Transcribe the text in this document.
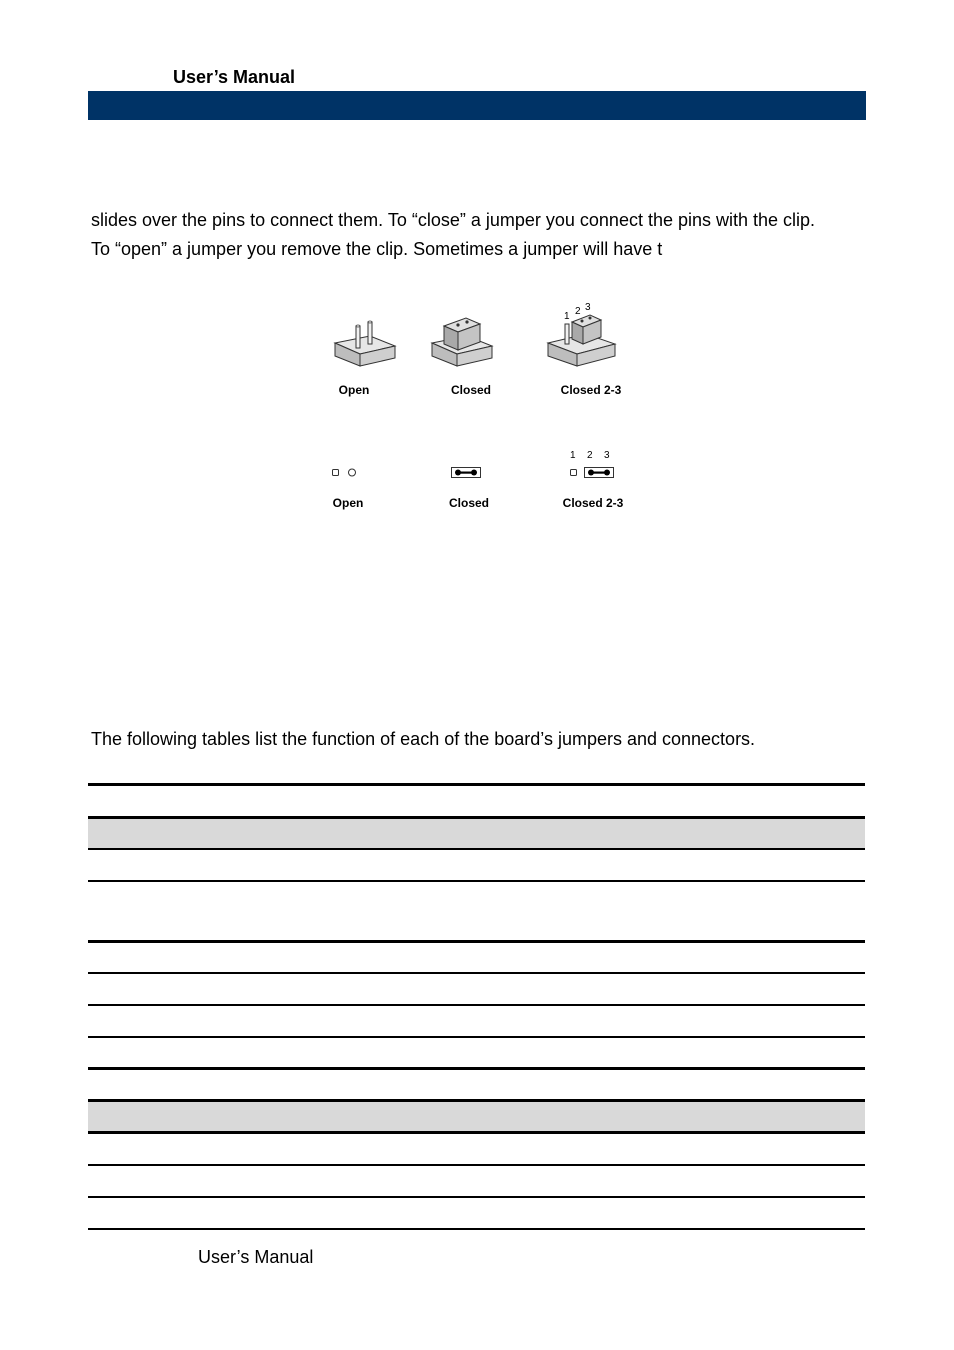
User’s Manual
slides over the pins to connect them. To “close” a jumper you connect the pins with the clip.
To “open” a jumper you remove the clip. Sometimes a jumper will have t
1 2 3
Open	Closed	Closed 2-3
1 2 3
Open	Closed	Closed 2-3
The following tables list the function of each of the board’s jumpers and connectors.
User’s Manual
